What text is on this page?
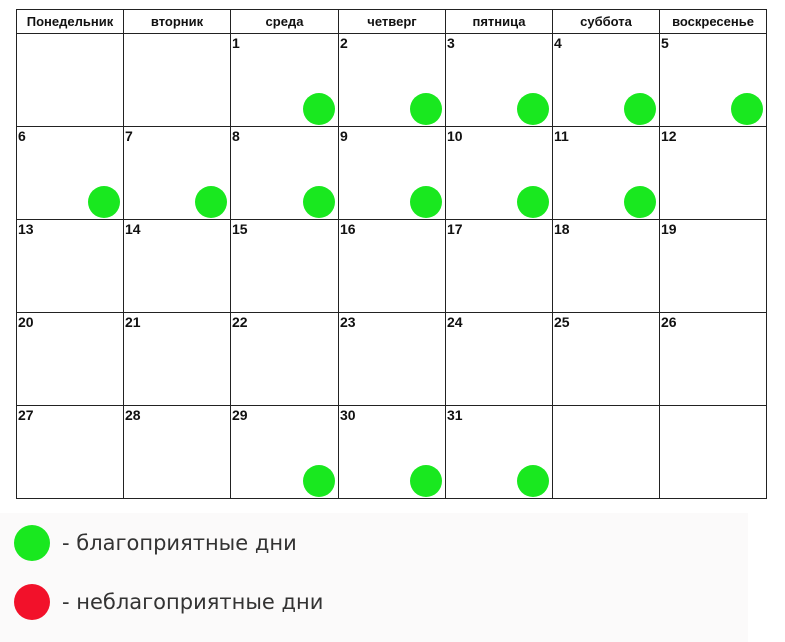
Понедельник	вторник	среда	четверг	пятница	суббота	воскресенье

		1	2	3	4	5

6	7	8	9	10	11	12

13	14	15	16	17	18	19

20	21	22	23	24	25	26

27	28	29	30	31		

- благоприятные дни
- неблагоприятные дни
